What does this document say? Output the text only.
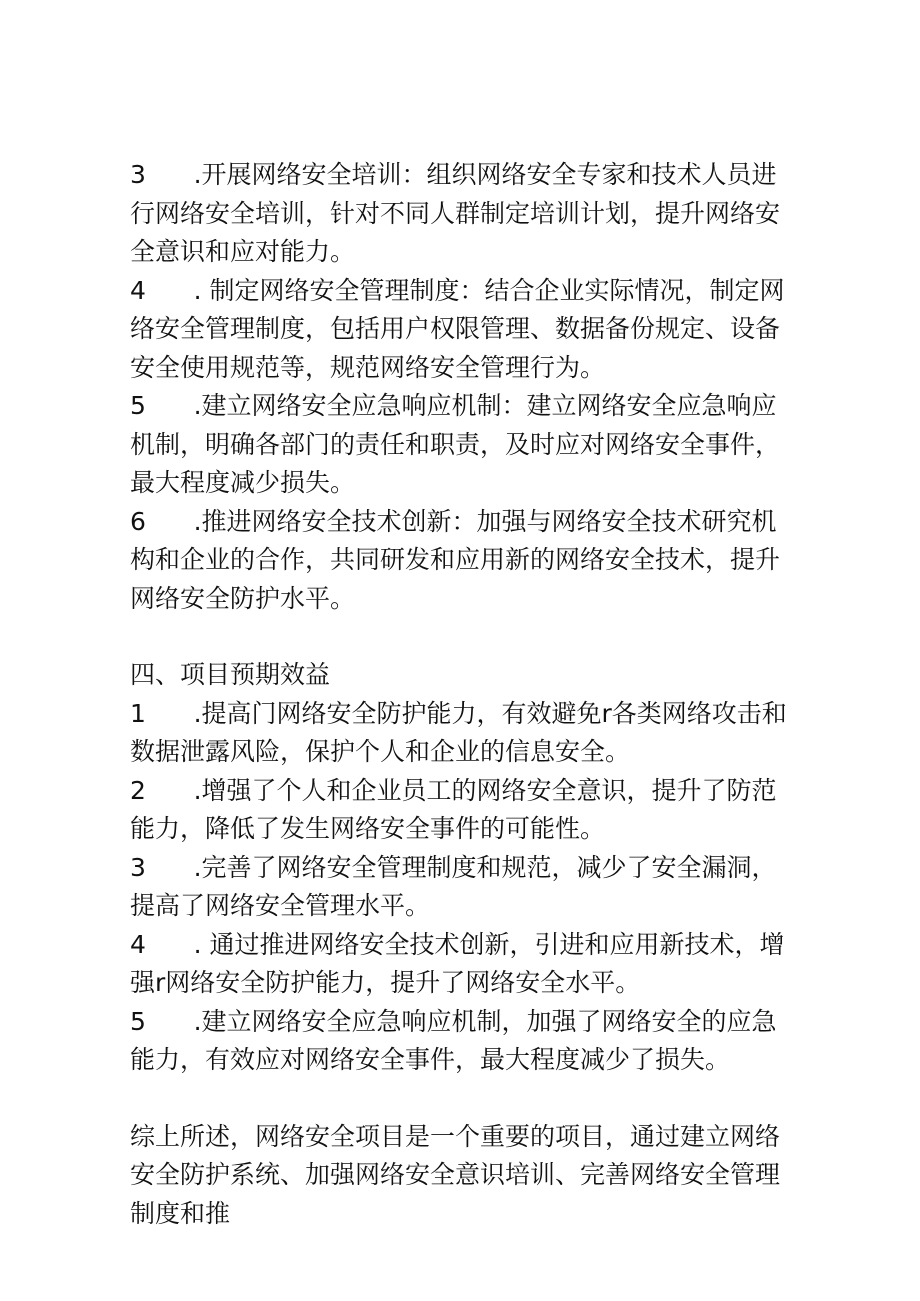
3	.开展网络安全培训：组织网络安全专家和技术人员进行网络安全培训，针对不同人群制定培训计划，提升网络安全意识和应对能力。

4	. 制定网络安全管理制度：结合企业实际情况，制定网络安全管理制度，包括用户权限管理、数据备份规定、设备安全使用规范等，规范网络安全管理行为。

5	.建立网络安全应急响应机制：建立网络安全应急响应机制，明确各部门的责任和职责，及时应对网络安全事件，最大程度减少损失。

6	.推进网络安全技术创新：加强与网络安全技术研究机构和企业的合作，共同研发和应用新的网络安全技术，提升网络安全防护水平。

四、项目预期效益

1	.提高门网络安全防护能力，有效避免r各类网络攻击和数据泄露风险，保护个人和企业的信息安全。

2	.增强了个人和企业员工的网络安全意识，提升了防范能力，降低了发生网络安全事件的可能性。

3	.完善了网络安全管理制度和规范，减少了安全漏洞，提高了网络安全管理水平。

4	. 通过推进网络安全技术创新，引进和应用新技术，增强r网络安全防护能力，提升了网络安全水平。

5	.建立网络安全应急响应机制，加强了网络安全的应急能力，有效应对网络安全事件，最大程度减少了损失。

综上所述，网络安全项目是一个重要的项目，通过建立网络安全防护系统、加强网络安全意识培训、完善网络安全管理制度和推
